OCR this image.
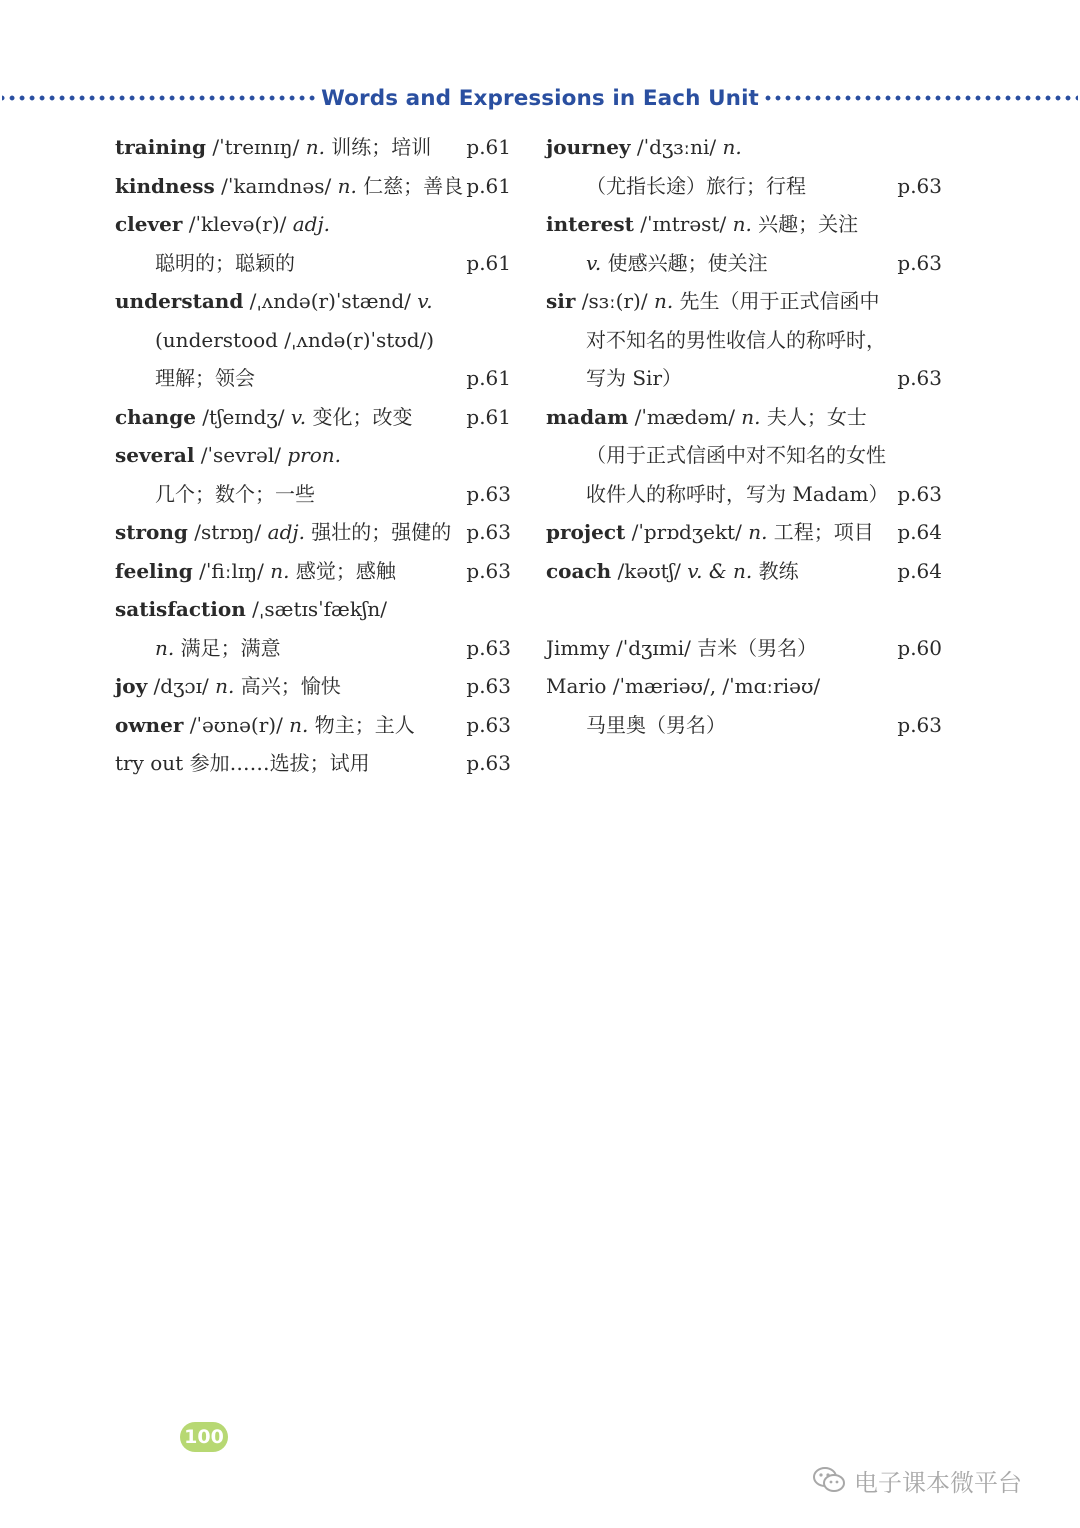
Words and Expressions in Each Unit
training /ˈtreɪnɪŋ/ n. 训练；培训 p.61
kindness /ˈkaɪndnəs/ n. 仁慈；善良 p.61
clever /ˈklevə(r)/ adj.
聪明的；聪颖的	p.61
understand /ˌʌndə(r)ˈstænd/ v.
(understood /ˌʌndə(r)ˈstʊd/)
理解；领会	p.61
change /tʃeɪndʒ/ v. 变化；改变	p.61
several /ˈsevrəl/ pron.
几个；数个；一些	p.63
strong /strɒŋ/ adj. 强壮的；强健的 p.63
feeling /ˈfiːlɪŋ/ n. 感觉；感触	p.63
satisfaction /ˌsætɪsˈfækʃn/
n. 满足；满意	p.63
joy /dʒɔɪ/ n. 高兴；愉快	p.63
owner /ˈəʊnə(r)/ n. 物主；主人	p.63
try out 参加……选拔；试用	p.63
journey /ˈdʒɜːni/ n.
（尤指长途）旅行；行程	p.63
interest /ˈɪntrəst/ n. 兴趣；关注
v. 使感兴趣；使关注	p.63
sir /sɜː(r)/ n. 先生（用于正式信函中
对不知名的男性收信人的称呼时，
写为 Sir）	p.63
madam /ˈmædəm/ n. 夫人；女士
（用于正式信函中对不知名的女性
收件人的称呼时，写为 Madam） p.63
project /ˈprɒdʒekt/ n. 工程；项目 p.64
coach /kəʊtʃ/ v. & n. 教练	p.64
Jimmy /ˈdʒɪmi/ 吉米（男名）	p.60
Mario /ˈmæriəʊ/, /ˈmɑːriəʊ/
马里奥（男名）	p.63
100
电子课本微平台
